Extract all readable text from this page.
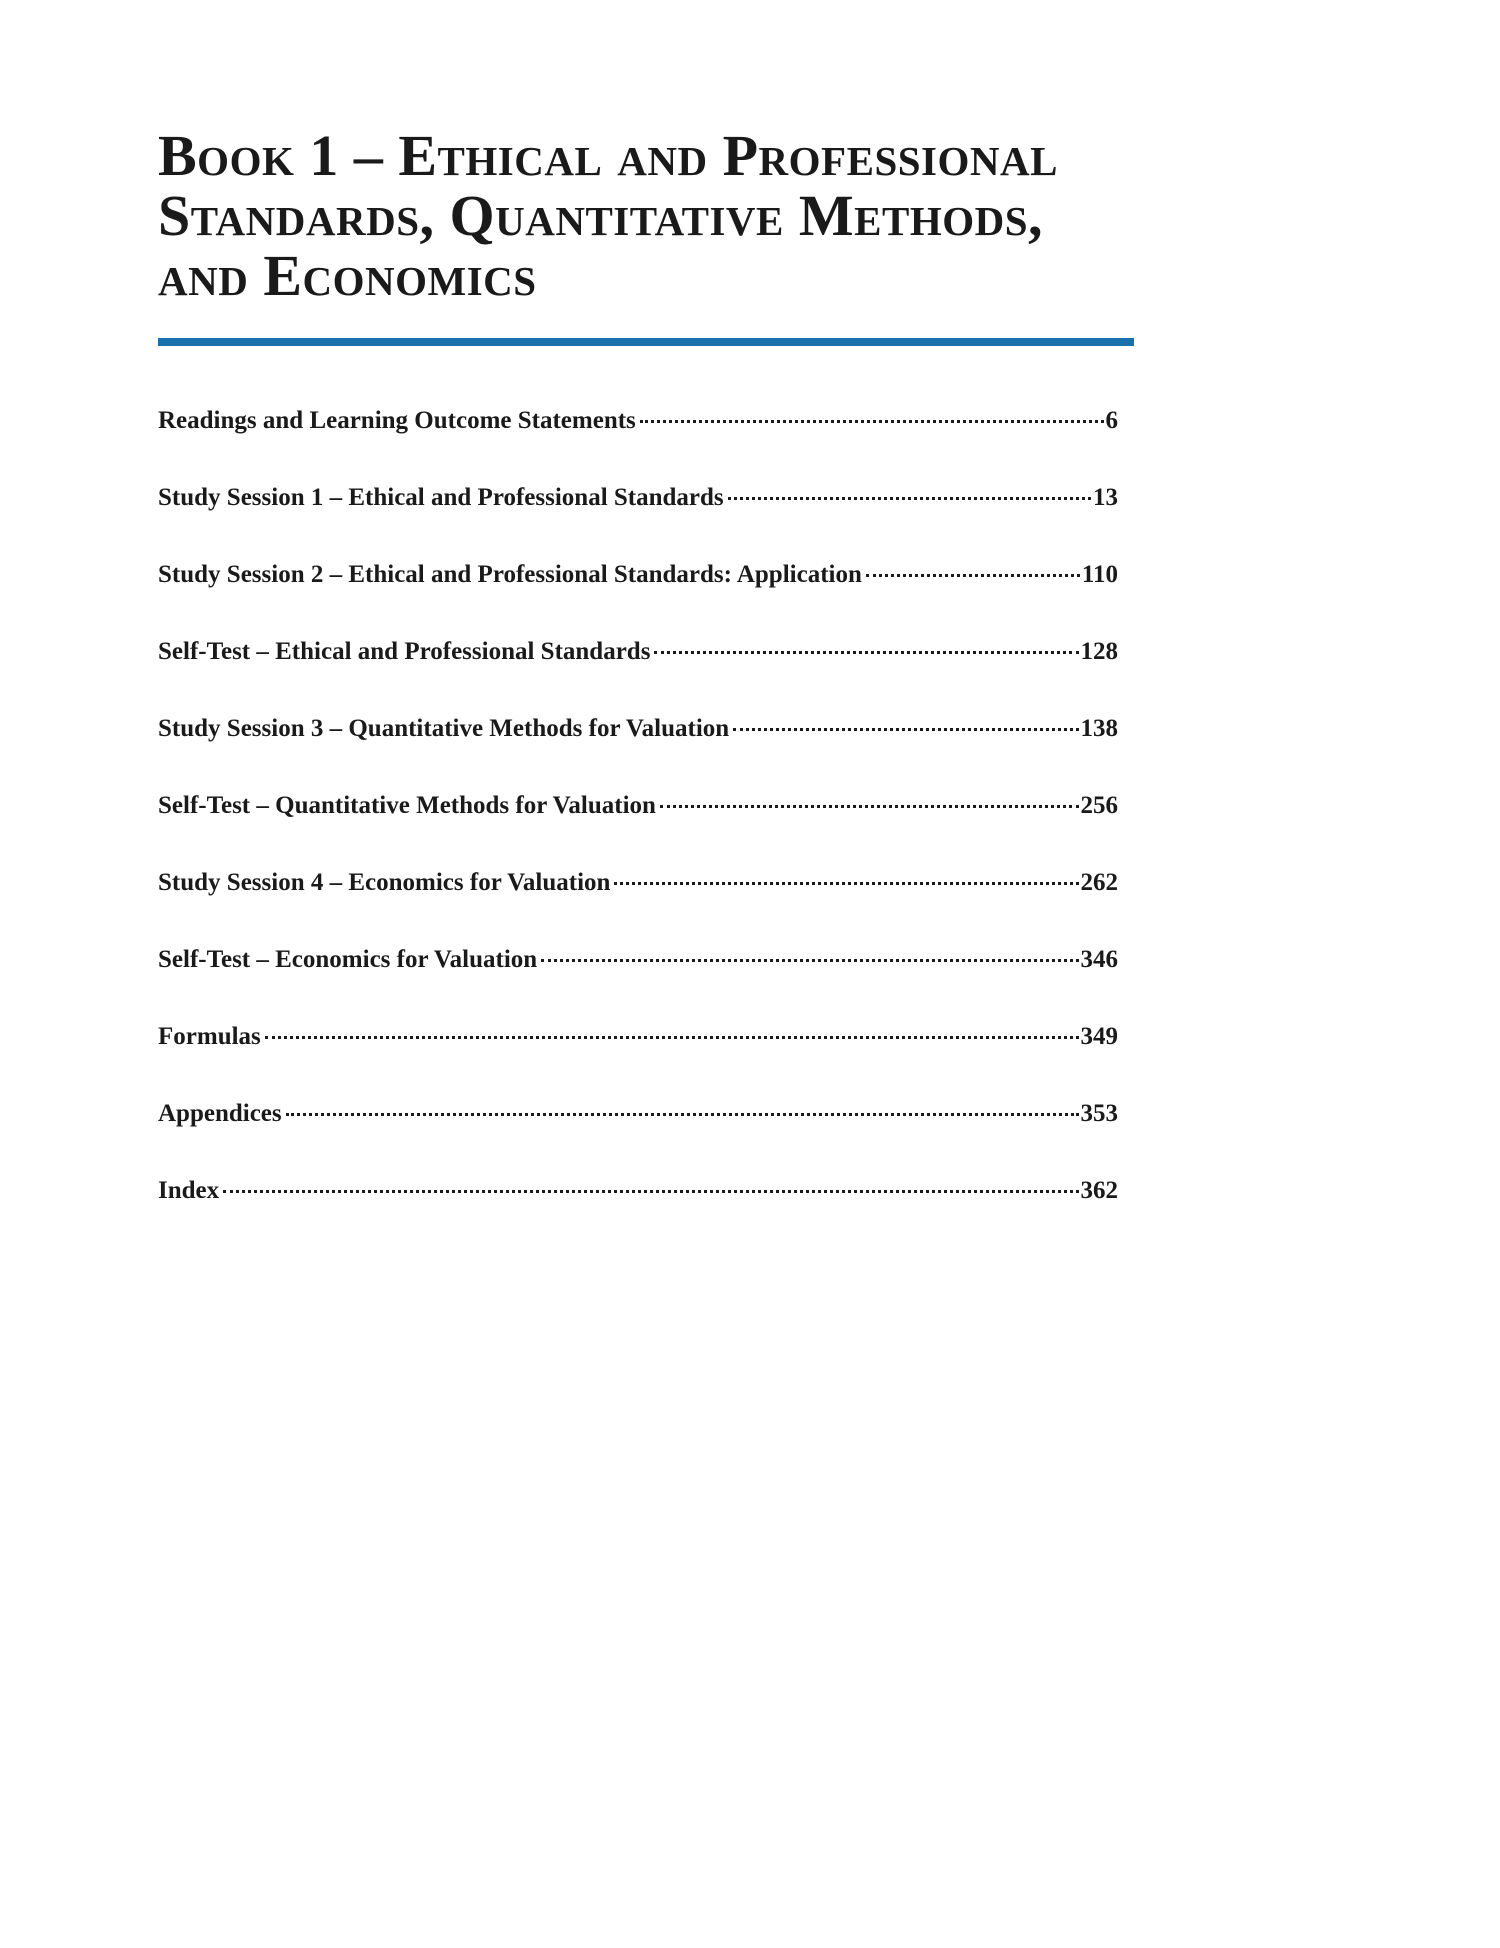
Book 1 – Ethical and Professional
Standards, Quantitative Methods,
and Economics
Readings and Learning Outcome Statements	6
Study Session 1 – Ethical and Professional Standards	13
Study Session 2 – Ethical and Professional Standards: Application	110
Self-Test – Ethical and Professional Standards	128
Study Session 3 – Quantitative Methods for Valuation	138
Self-Test – Quantitative Methods for Valuation	256
Study Session 4 – Economics for Valuation	262
Self-Test – Economics for Valuation	346
Formulas	349
Appendices	353
Index	362
